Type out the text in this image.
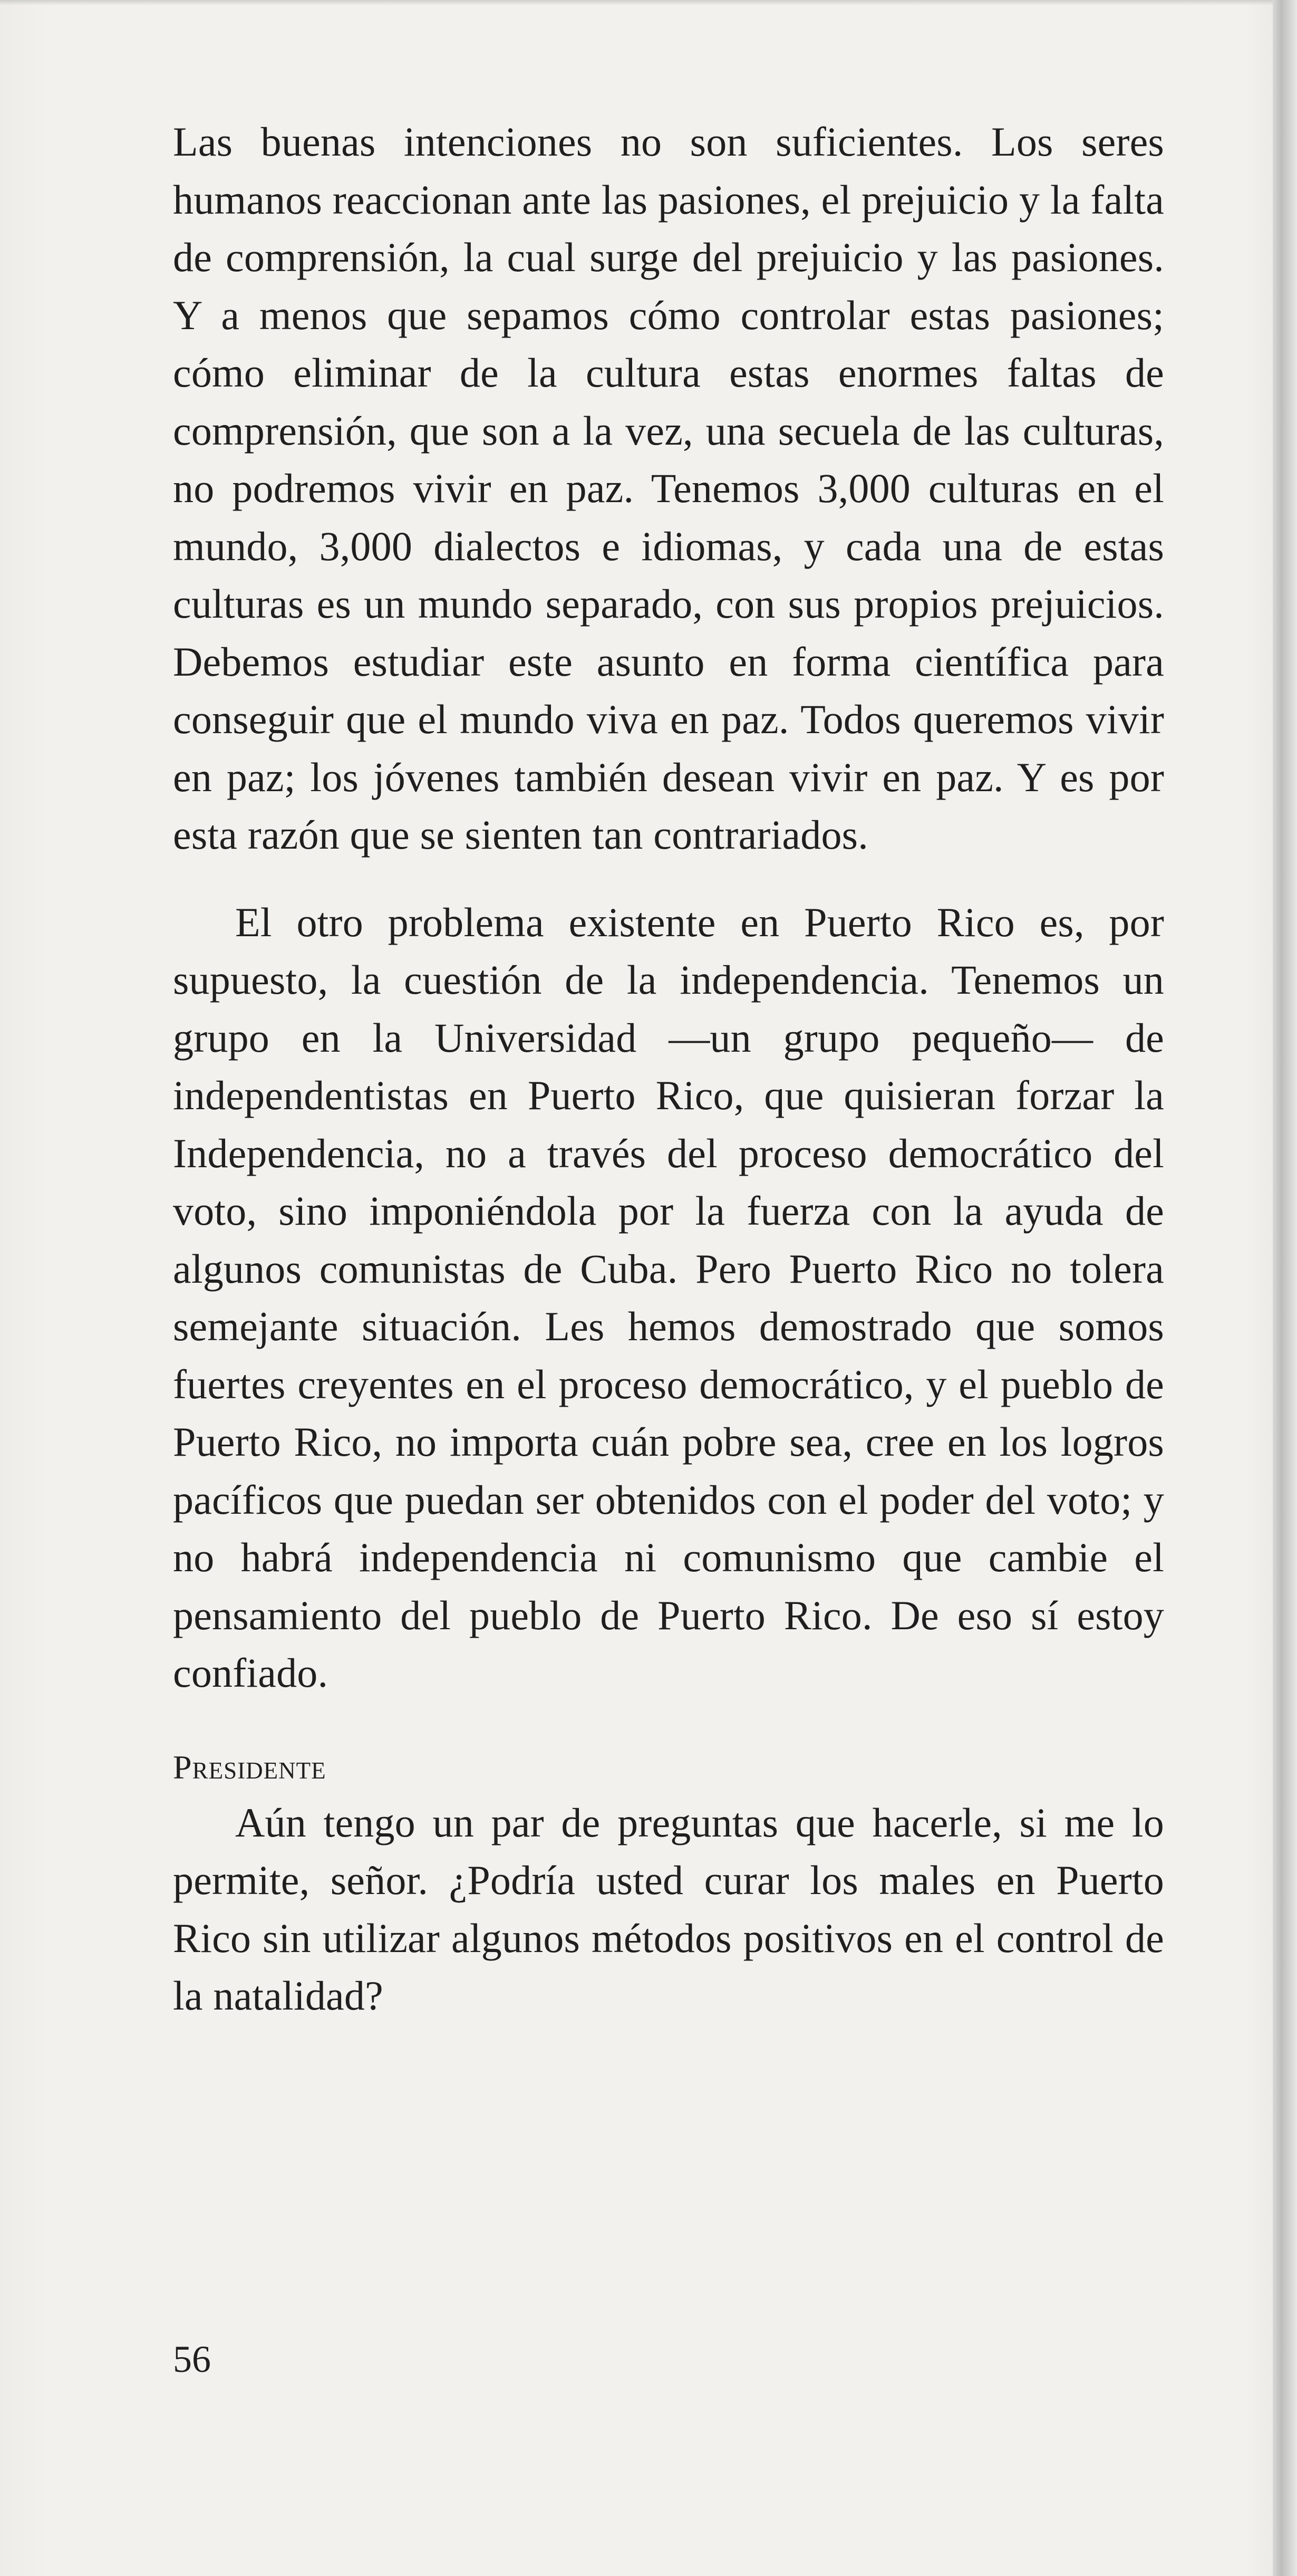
Las buenas intenciones no son suficientes. Los seres humanos reaccionan ante las pasiones, el prejuicio y la falta de comprensión, la cual surge del prejuicio y las pasiones. Y a menos que sepamos cómo controlar estas pasiones; cómo eliminar de la cultura estas enormes faltas de comprensión, que son a la vez, una secuela de las culturas, no podremos vivir en paz. Tenemos 3,000 culturas en el mundo, 3,000 dialectos e idiomas, y cada una de estas culturas es un mundo separado, con sus propios prejuicios. Debemos estudiar este asunto en forma científica para conseguir que el mundo viva en paz. Todos queremos vivir en paz; los jóvenes también desean vivir en paz. Y es por esta razón que se sienten tan contrariados.

El otro problema existente en Puerto Rico es, por supuesto, la cuestión de la independencia. Tenemos un grupo en la Universidad —un grupo pequeño— de independentistas en Puerto Rico, que quisieran forzar la Independencia, no a través del proceso democrático del voto, sino imponiéndola por la fuerza con la ayuda de algunos comunistas de Cuba. Pero Puerto Rico no tolera semejante situación. Les hemos demostrado que somos fuertes creyentes en el proceso democrático, y el pueblo de Puerto Rico, no importa cuán pobre sea, cree en los logros pacíficos que puedan ser obtenidos con el poder del voto; y no habrá independencia ni comunismo que cambie el pensamiento del pueblo de Puerto Rico. De eso sí estoy confiado.

Presidente

Aún tengo un par de preguntas que hacerle, si me lo permite, señor. ¿Podría usted curar los males en Puerto Rico sin utilizar algunos métodos positivos en el control de la natalidad?

56
